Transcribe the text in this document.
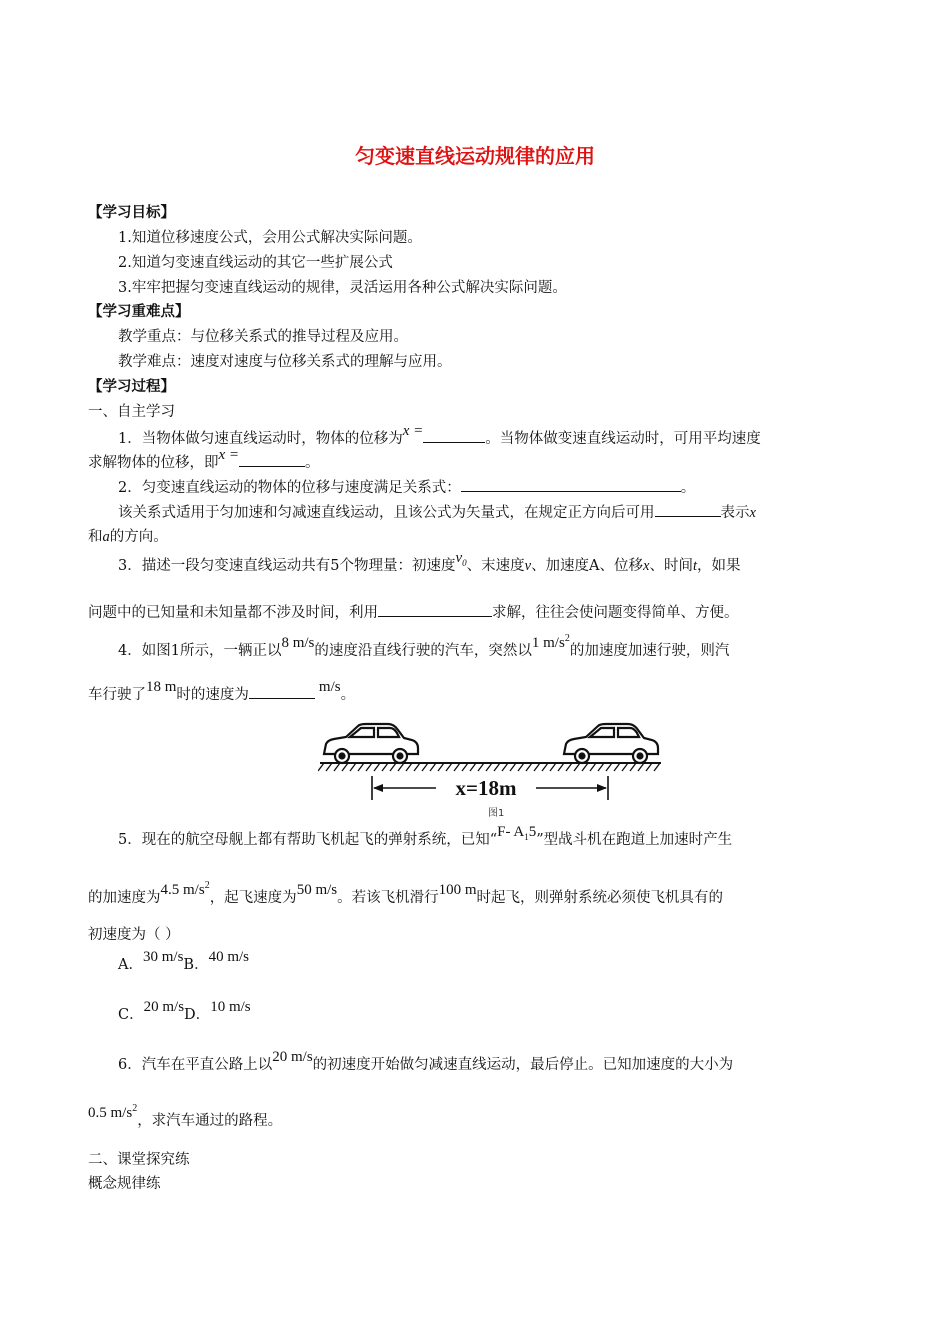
匀变速直线运动规律的应用
【学习目标】
1.知道位移速度公式，会用公式解决实际问题。
2.知道匀变速直线运动的其它一些扩展公式
3.牢牢把握匀变速直线运动的规律，灵活运用各种公式解决实际问题。
【学习重难点】
教学重点：与位移关系式的推导过程及应用。
教学难点：速度对速度与位移关系式的理解与应用。
【学习过程】
一、自主学习
1．当物体做匀速直线运动时，物体的位移为x =	。当物体做变速直线运动时，可用平均速度
求解物体的位移，即x =	。
2．匀变速直线运动的物体的位移与速度满足关系式：	。
该关系式适用于匀加速和匀减速直线运动，且该公式为矢量式，在规定正方向后可用	表示x
和a的方向。
3．描述一段匀变速直线运动共有5个物理量：初速度$v_0$、末速度v、加速度A、位移x、时间t，如果
问题中的已知量和未知量都不涉及时间，利用	求解，往往会使问题变得简单、方便。
4．如图1所示，一辆正以8 m/s的速度沿直线行驶的汽车，突然以1 $m/s^2$的加速度加速行驶，则汽
车行驶了18 m时的速度为	m/s。
x=18m
图1
5．现在的航空母舰上都有帮助飞机起飞的弹射系统，已知“F- $A_15$”型战斗机在跑道上加速时产生
的加速度为4.5 $m/s^2$，起飞速度为50 m/s。若该飞机滑行100 m时起飞，则弹射系统必须使飞机具有的
初速度为（ ）
A．30 m/sB．40 m/s
C．20 m/sD．10 m/s
6．汽车在平直公路上以20 m/s的初速度开始做匀减速直线运动，最后停止。已知加速度的大小为
0.5 $m/s^2$，求汽车通过的路程。
二、课堂探究练
概念规律练
